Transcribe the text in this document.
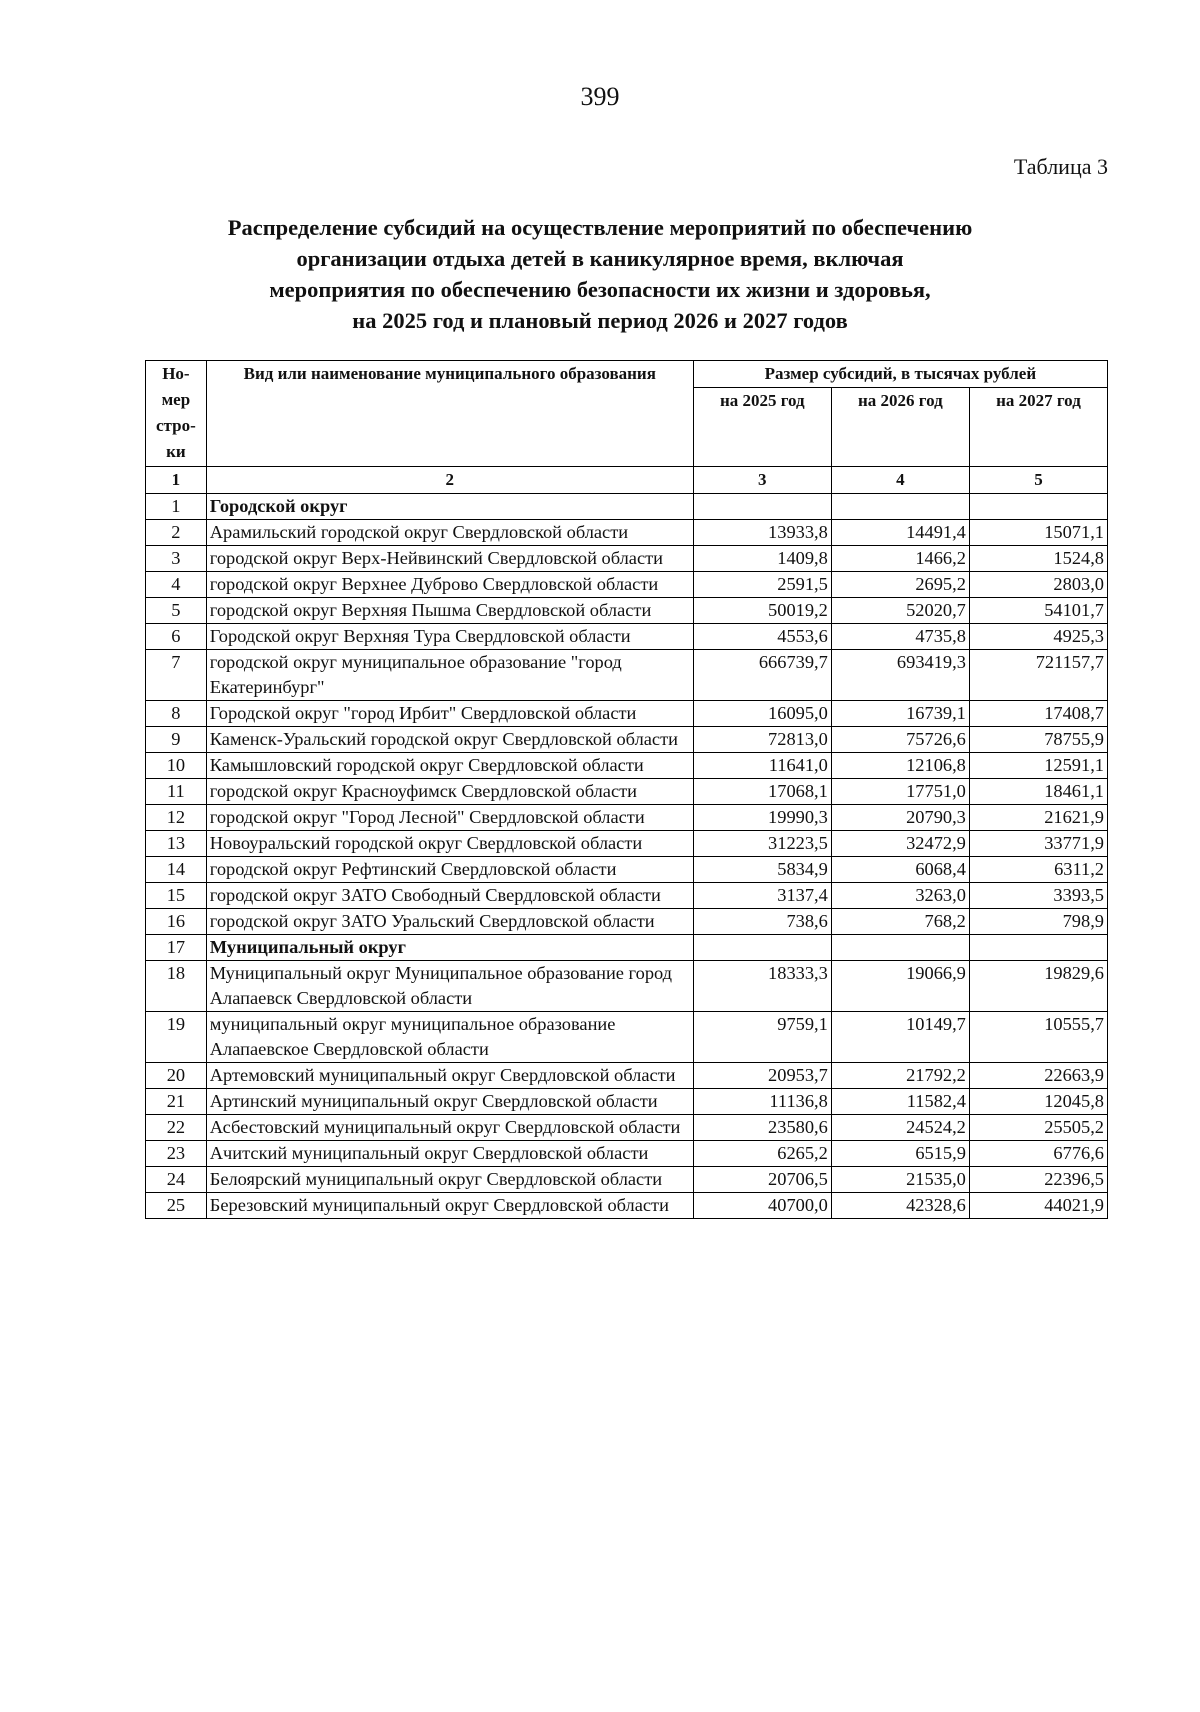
399
Таблица 3
Распределение субсидий на осуществление мероприятий по обеспечению
организации отдыха детей в каникулярное время, включая
мероприятия по обеспечению безопасности их жизни и здоровья,
на 2025 год и плановый период 2026 и 2027 годов
Но-мер стро-ки	Вид или наименование муниципального образования	Размер субсидий, в тысячах рублей		
		на 2025 год	на 2026 год	на 2027 год
1	2	3	4	5
1	Городской округ			
2	Арамильский городской округ Свердловской области	13933,8	14491,4	15071,1
3	городской округ Верх-Нейвинский Свердловской области	1409,8	1466,2	1524,8
4	городской округ Верхнее Дуброво Свердловской области	2591,5	2695,2	2803,0
5	городской округ Верхняя Пышма Свердловской области	50019,2	52020,7	54101,7
6	Городской округ Верхняя Тура Свердловской области	4553,6	4735,8	4925,3
7	городской округ муниципальное образование "город Екатеринбург"	666739,7	693419,3	721157,7
8	Городской округ "город Ирбит" Свердловской области	16095,0	16739,1	17408,7
9	Каменск-Уральский городской округ Свердловской области	72813,0	75726,6	78755,9
10	Камышловский городской округ Свердловской области	11641,0	12106,8	12591,1
11	городской округ Красноуфимск Свердловской области	17068,1	17751,0	18461,1
12	городской округ "Город Лесной" Свердловской области	19990,3	20790,3	21621,9
13	Новоуральский городской округ Свердловской области	31223,5	32472,9	33771,9
14	городской округ Рефтинский Свердловской области	5834,9	6068,4	6311,2
15	городской округ ЗАТО Свободный Свердловской области	3137,4	3263,0	3393,5
16	городской округ ЗАТО Уральский Свердловской области	738,6	768,2	798,9
17	Муниципальный округ			
18	Муниципальный округ Муниципальное образование город Алапаевск Свердловской области	18333,3	19066,9	19829,6
19	муниципальный округ муниципальное образование Алапаевское Свердловской области	9759,1	10149,7	10555,7
20	Артемовский муниципальный округ Свердловской области	20953,7	21792,2	22663,9
21	Артинский муниципальный округ Свердловской области	11136,8	11582,4	12045,8
22	Асбестовский муниципальный округ Свердловской области	23580,6	24524,2	25505,2
23	Ачитский муниципальный округ Свердловской области	6265,2	6515,9	6776,6
24	Белоярский муниципальный округ Свердловской области	20706,5	21535,0	22396,5
25	Березовский муниципальный округ Свердловской области	40700,0	42328,6	44021,9
